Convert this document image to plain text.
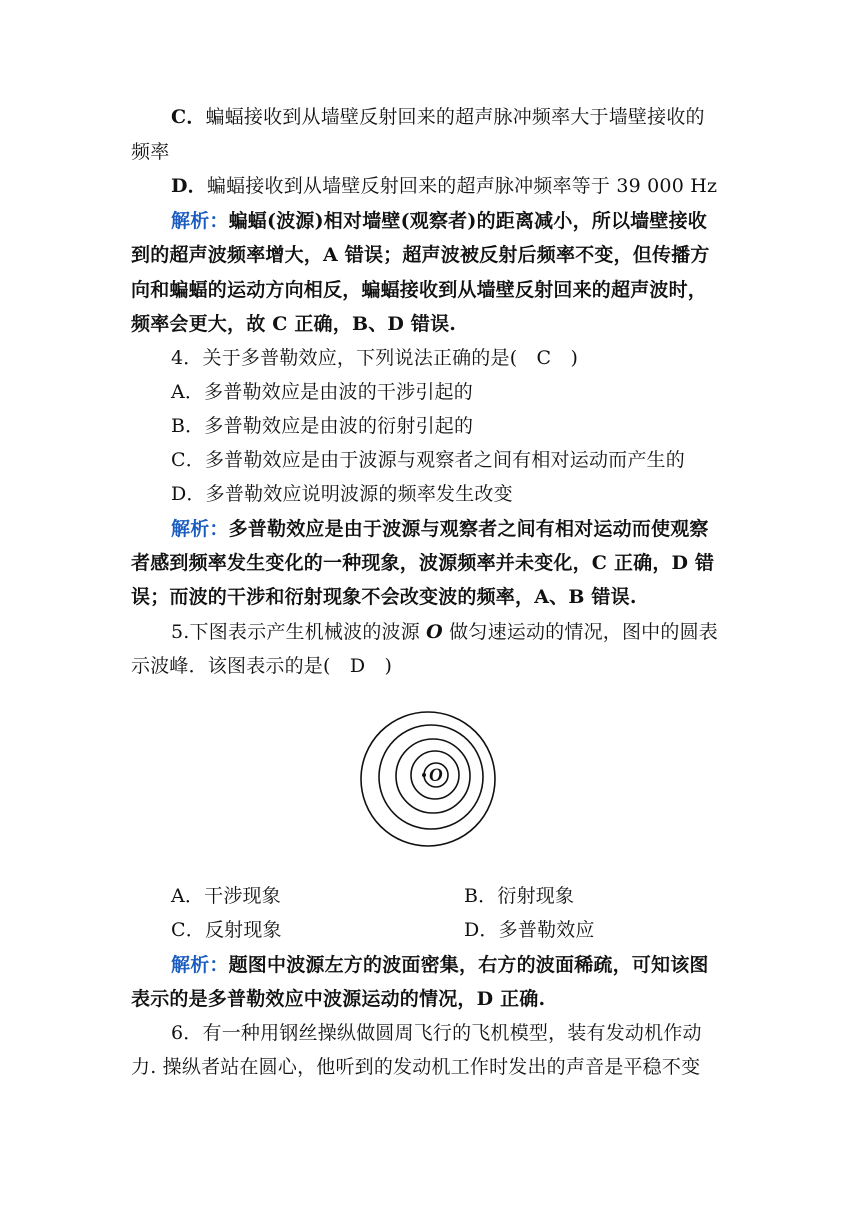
C．蝙蝠接收到从墙壁反射回来的超声脉冲频率大于墙壁接收的
频率
D．蝙蝠接收到从墙壁反射回来的超声脉冲频率等于 39 000 Hz
解析：蝙蝠(波源)相对墙壁(观察者)的距离减小，所以墙壁接收
到的超声波频率增大，A 错误；超声波被反射后频率不变，但传播方
向和蝙蝠的运动方向相反，蝙蝠接收到从墙壁反射回来的超声波时，
频率会更大，故 C 正确，B、D 错误.
4．关于多普勒效应，下列说法正确的是(　C　)
A．多普勒效应是由波的干涉引起的
B．多普勒效应是由波的衍射引起的
C．多普勒效应是由于波源与观察者之间有相对运动而产生的
D．多普勒效应说明波源的频率发生改变
解析：多普勒效应是由于波源与观察者之间有相对运动而使观察
者感到频率发生变化的一种现象，波源频率并未变化，C 正确，D 错
误；而波的干涉和衍射现象不会改变波的频率，A、B 错误.
5.下图表示产生机械波的波源 O 做匀速运动的情况，图中的圆表
示波峰．该图表示的是(　D　)
O
A．干涉现象	B．衍射现象
C．反射现象	D．多普勒效应
解析：题图中波源左方的波面密集，右方的波面稀疏，可知该图
表示的是多普勒效应中波源运动的情况，D 正确.
6．有一种用钢丝操纵做圆周飞行的飞机模型，装有发动机作动
力. 操纵者站在圆心，他听到的发动机工作时发出的声音是平稳不变
